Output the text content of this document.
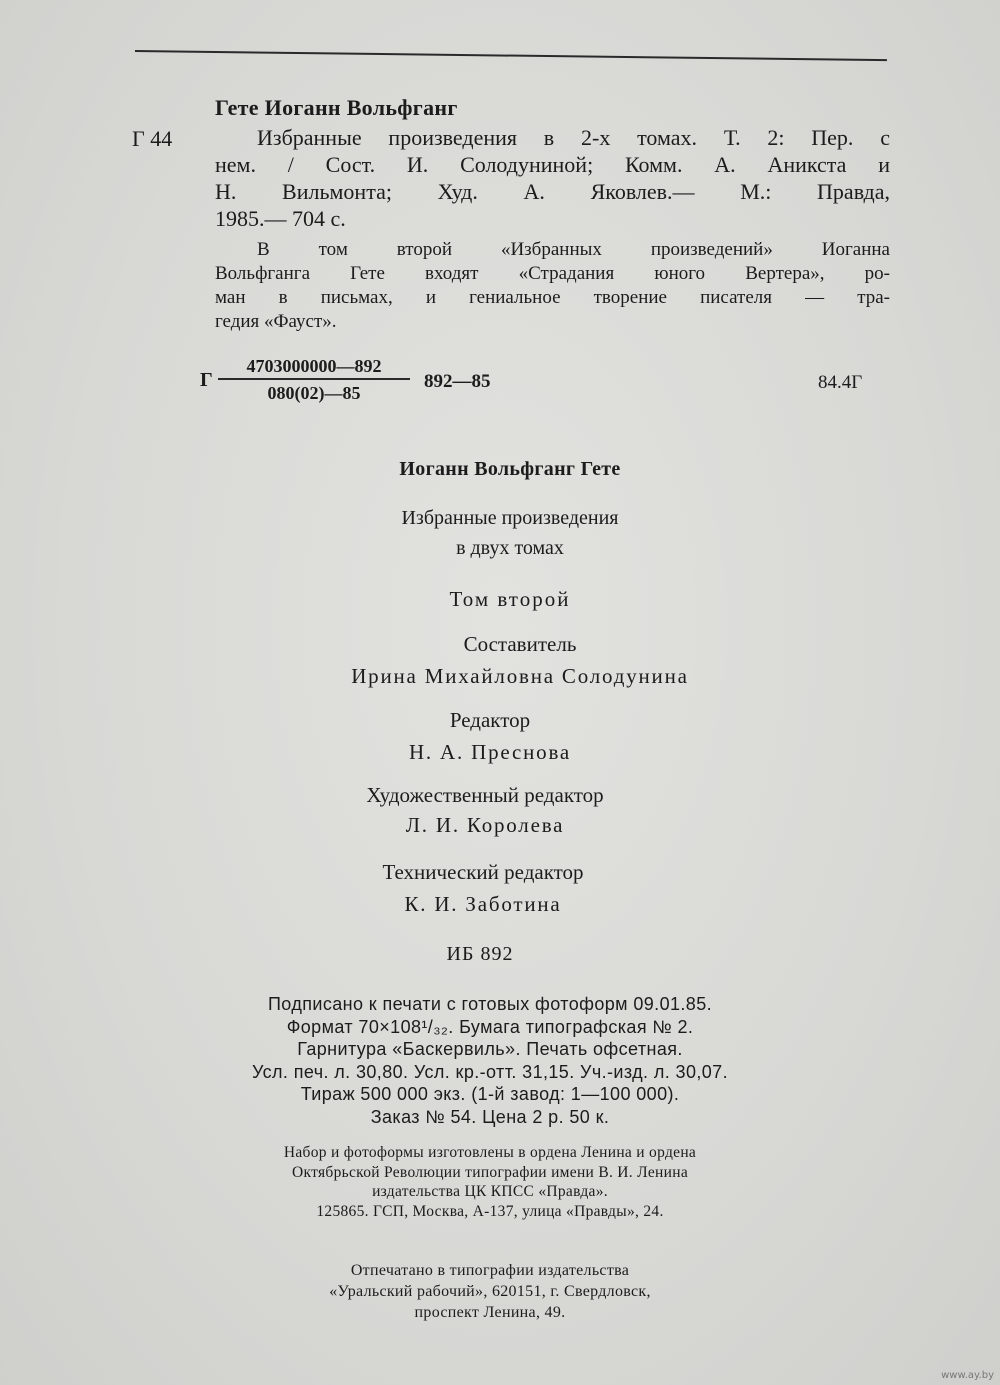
Гете Иоганн Вольфганг
Г 44	Избранные произведения в 2-х томах. Т. 2: Пер. с
нем. / Сост. И. Солодуниной; Комм. А. Аникста и
Н. Вильмонта; Худ. А. Яковлев.— М.: Правда,
1985.— 704 с.
В том второй «Избранных произведений» Иоганна
Вольфганга Гете входят «Страдания юного Вертера», ро-
ман в письмах, и гениальное творение писателя — тра-
гедия «Фауст».
Г $\frac{4703000000—892}{080(02)—85}$ 892—85	84.4Г
Иоганн Вольфганг Гете
Избранные произведения
в двух томах
Том второй
Составитель
Ирина Михайловна Солодунина
Редактор
Н. А. Преснова
Художественный редактор
Л. И. Королева
Технический редактор
К. И. Заботина
ИБ 892
Подписано к печати с готовых фотоформ 09.01.85.
Формат 70×108¹/₃₂. Бумага типографская № 2.
Гарнитура «Баскервиль». Печать офсетная.
Усл. печ. л. 30,80. Усл. кр.-отт. 31,15. Уч.-изд. л. 30,07.
Тираж 500 000 экз. (1-й завод: 1—100 000).
Заказ № 54. Цена 2 р. 50 к.
Набор и фотоформы изготовлены в ордена Ленина и ордена
Октябрьской Революции типографии имени В. И. Ленина
издательства ЦК КПСС «Правда».
125865. ГСП, Москва, А-137, улица «Правды», 24.
Отпечатано в типографии издательства
«Уральский рабочий», 620151, г. Свердловск,
проспект Ленина, 49.
www.ay.by
